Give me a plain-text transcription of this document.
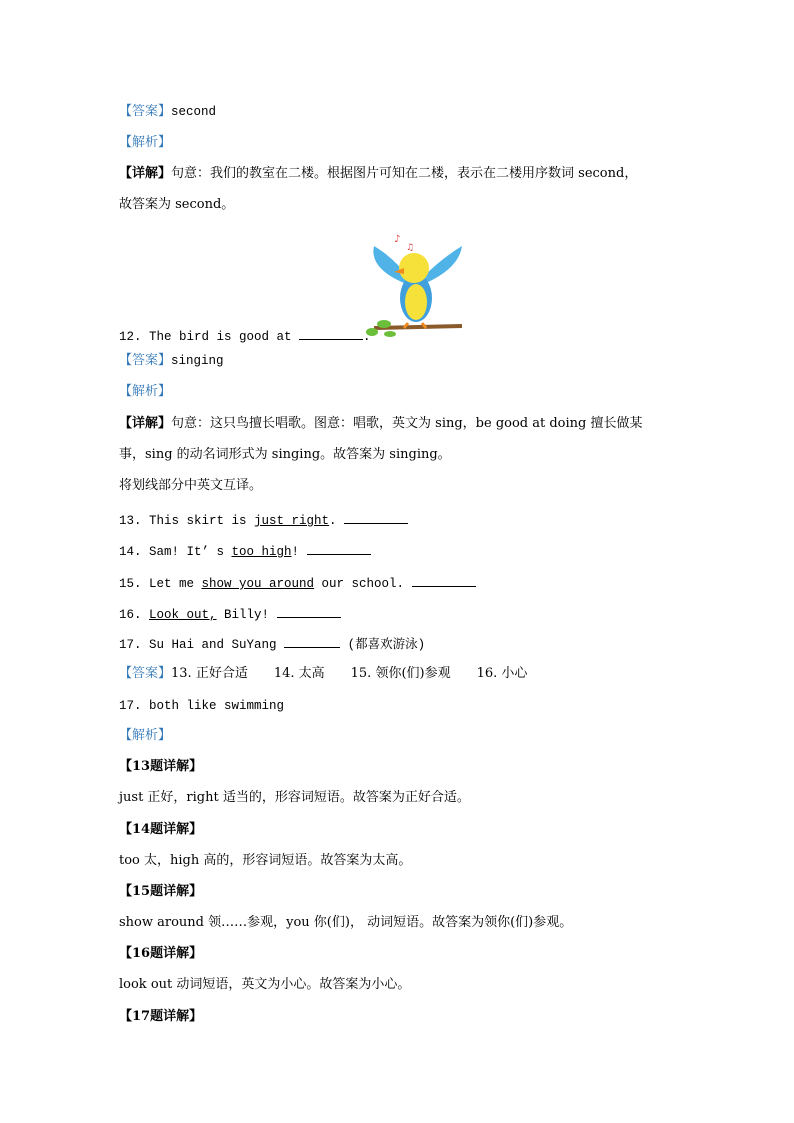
【答案】second
【解析】
【详解】句意：我们的教室在二楼。根据图片可知在二楼，表示在二楼用序数词 second，
故答案为 second。
♪
♫
12. The bird is good at	.
【答案】singing
【解析】
【详解】句意：这只鸟擅长唱歌。图意：唱歌，英文为 sing，be good at doing 擅长做某
事，sing 的动名词形式为 singing。故答案为 singing。
将划线部分中英文互译。
13. This skirt is just right.
14. Sam! It’ s too high!
15. Let me show you around our school.
16. Look out, Billy!
17. Su Hai and SuYang	(都喜欢游泳)
【答案】13. 正好合适 14. 太高 15. 领你(们)参观 16. 小心
17. both like swimming
【解析】
【13题详解】
just 正好，right 适当的，形容词短语。故答案为正好合适。
【14题详解】
too 太，high 高的，形容词短语。故答案为太高。
【15题详解】
show around 领……参观，you 你(们)， 动词短语。故答案为领你(们)参观。
【16题详解】
look out 动词短语，英文为小心。故答案为小心。
【17题详解】
